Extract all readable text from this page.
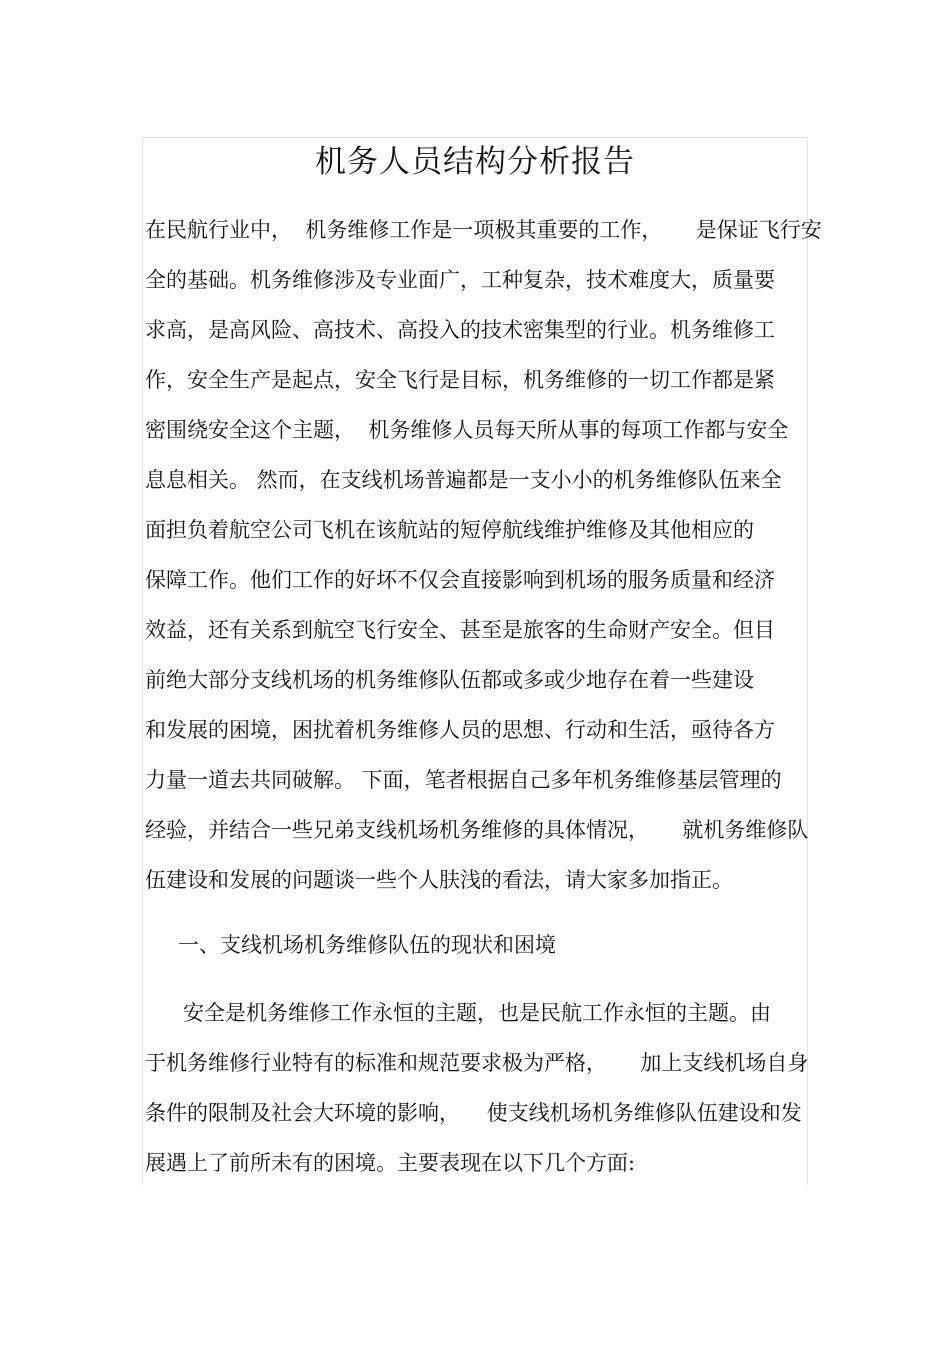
机务人员结构分析报告
在民航行业中，  机务维修工作是一项极其重要的工作，     是保证飞行安
全的基础。机务维修涉及专业面广，工种复杂，技术难度大，质量要
求高，是高风险、高技术、高投入的技术密集型的行业。机务维修工
作，安全生产是起点，安全飞行是目标，机务维修的一切工作都是紧
密围绕安全这个主题，  机务维修人员每天所从事的每项工作都与安全
息息相关。 然而，在支线机场普遍都是一支小小的机务维修队伍来全
面担负着航空公司飞机在该航站的短停航线维护维修及其他相应的
保障工作。他们工作的好坏不仅会直接影响到机场的服务质量和经济
效益，还有关系到航空飞行安全、甚至是旅客的生命财产安全。但目
前绝大部分支线机场的机务维修队伍都或多或少地存在着一些建设
和发展的困境，困扰着机务维修人员的思想、行动和生活，亟待各方
力量一道去共同破解。 下面，笔者根据自己多年机务维修基层管理的
经验，并结合一些兄弟支线机场机务维修的具体情况，     就机务维修队
伍建设和发展的问题谈一些个人肤浅的看法，请大家多加指正。
一、支线机场机务维修队伍的现状和困境
安全是机务维修工作永恒的主题，也是民航工作永恒的主题。由
于机务维修行业特有的标准和规范要求极为严格，     加上支线机场自身
条件的限制及社会大环境的影响，    使支线机场机务维修队伍建设和发
展遇上了前所未有的困境。主要表现在以下几个方面:
